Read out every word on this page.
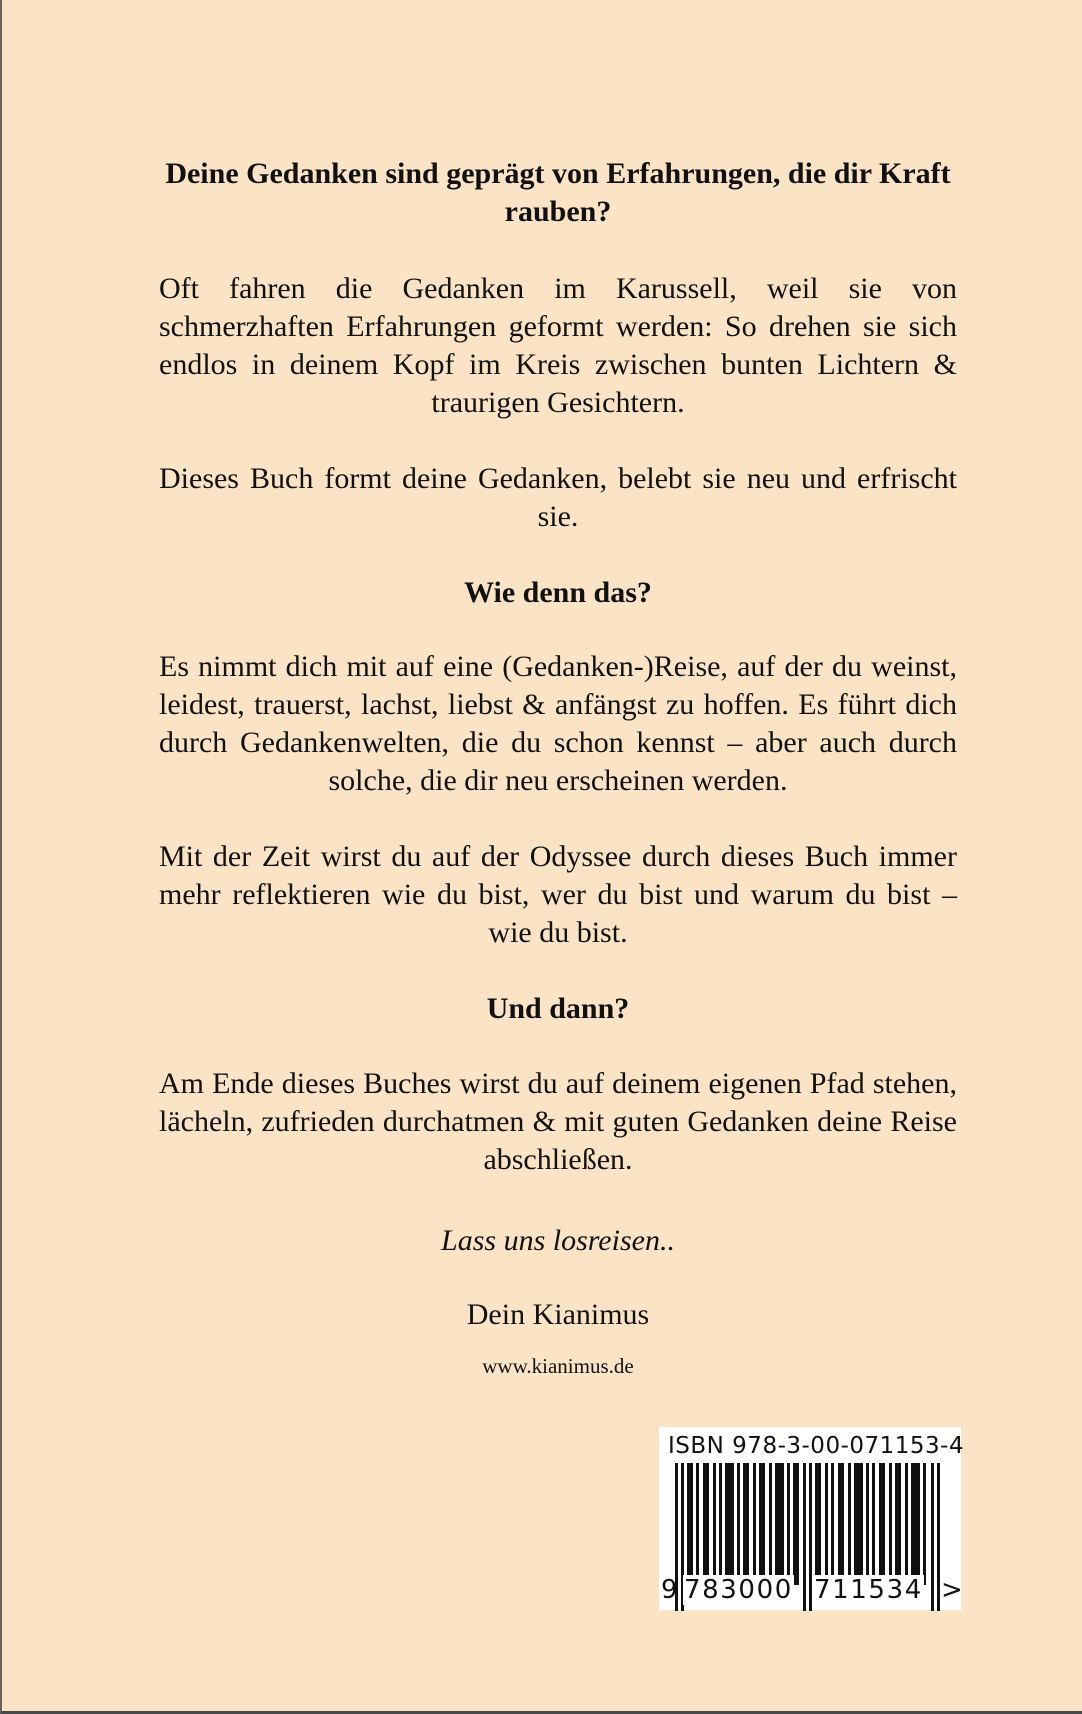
Deine Gedanken sind geprägt von Erfahrungen, die dir Kraft rauben?

Oft fahren die Gedanken im Karussell, weil sie von schmerzhaften Erfahrungen geformt werden: So drehen sie sich endlos in deinem Kopf im Kreis zwischen bunten Lichtern & traurigen Gesichtern.

Dieses Buch formt deine Gedanken, belebt sie neu und erfrischt sie.

Wie denn das?

Es nimmt dich mit auf eine (Gedanken-)Reise, auf der du weinst, leidest, trauerst, lachst, liebst & anfängst zu hoffen. Es führt dich durch Gedankenwelten, die du schon kennst – aber auch durch solche, die dir neu erscheinen werden.

Mit der Zeit wirst du auf der Odyssee durch dieses Buch immer mehr reflektieren wie du bist, wer du bist und warum du bist – wie du bist.

Und dann?

Am Ende dieses Buches wirst du auf deinem eigenen Pfad stehen, lächeln, zufrieden durchatmen & mit guten Gedanken deine Reise abschließen.

Lass uns losreisen..

Dein Kianimus

www.kianimus.de
ISBN 978-3-00-071153-4
9 783000 711534 >
